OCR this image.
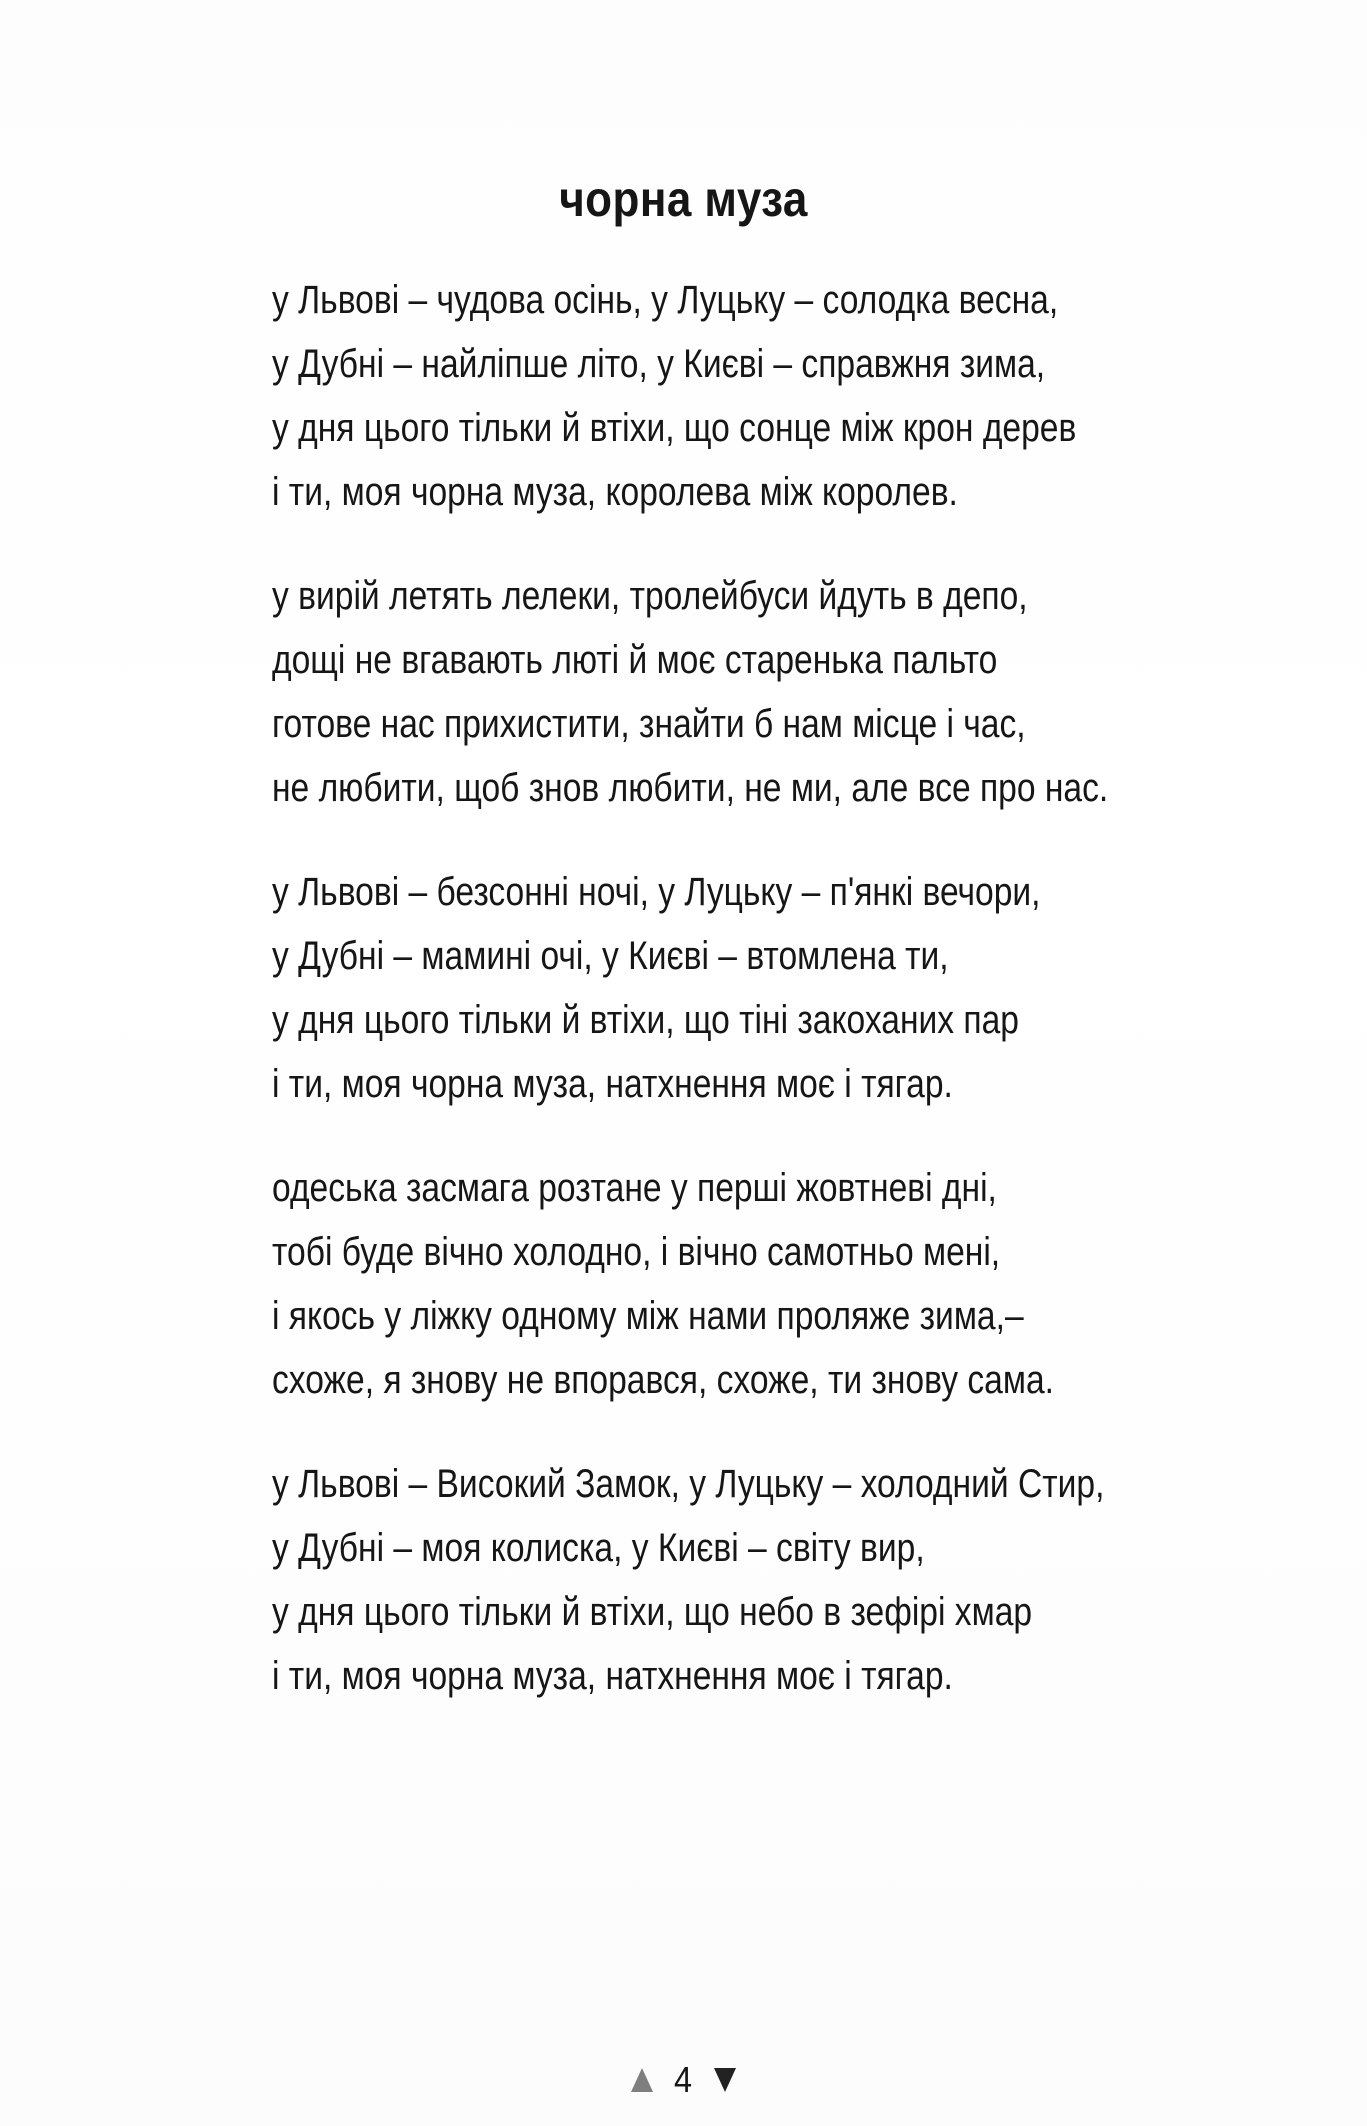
чорна муза
у Львові – чудова осінь, у Луцьку – солодка весна,
у Дубні – найліпше літо, у Києві – справжня зима,
у дня цього тільки й втіхи, що сонце між крон дерев
і ти, моя чорна муза, королева між королев.
у вирій летять лелеки, тролейбуси йдуть в депо,
дощі не вгавають люті й моє старенька пальто
готове нас прихистити, знайти б нам місце і час,
не любити, щоб знов любити, не ми, але все про нас.
у Львові – безсонні ночі, у Луцьку – п'янкі вечори,
у Дубні – мамині очі, у Києві – втомлена ти,
у дня цього тільки й втіхи, що тіні закоханих пар
і ти, моя чорна муза, натхнення моє і тягар.
одеська засмага розтане у перші жовтневі дні,
тобі буде вічно холодно, і вічно самотньо мені,
і якось у ліжку одному між нами проляже зима,–
схоже, я знову не впорався, схоже, ти знову сама.
у Львові – Високий Замок, у Луцьку – холодний Стир,
у Дубні – моя колиска, у Києві – світу вир,
у дня цього тільки й втіхи, що небо в зефірі хмар
і ти, моя чорна муза, натхнення моє і тягар.
4
